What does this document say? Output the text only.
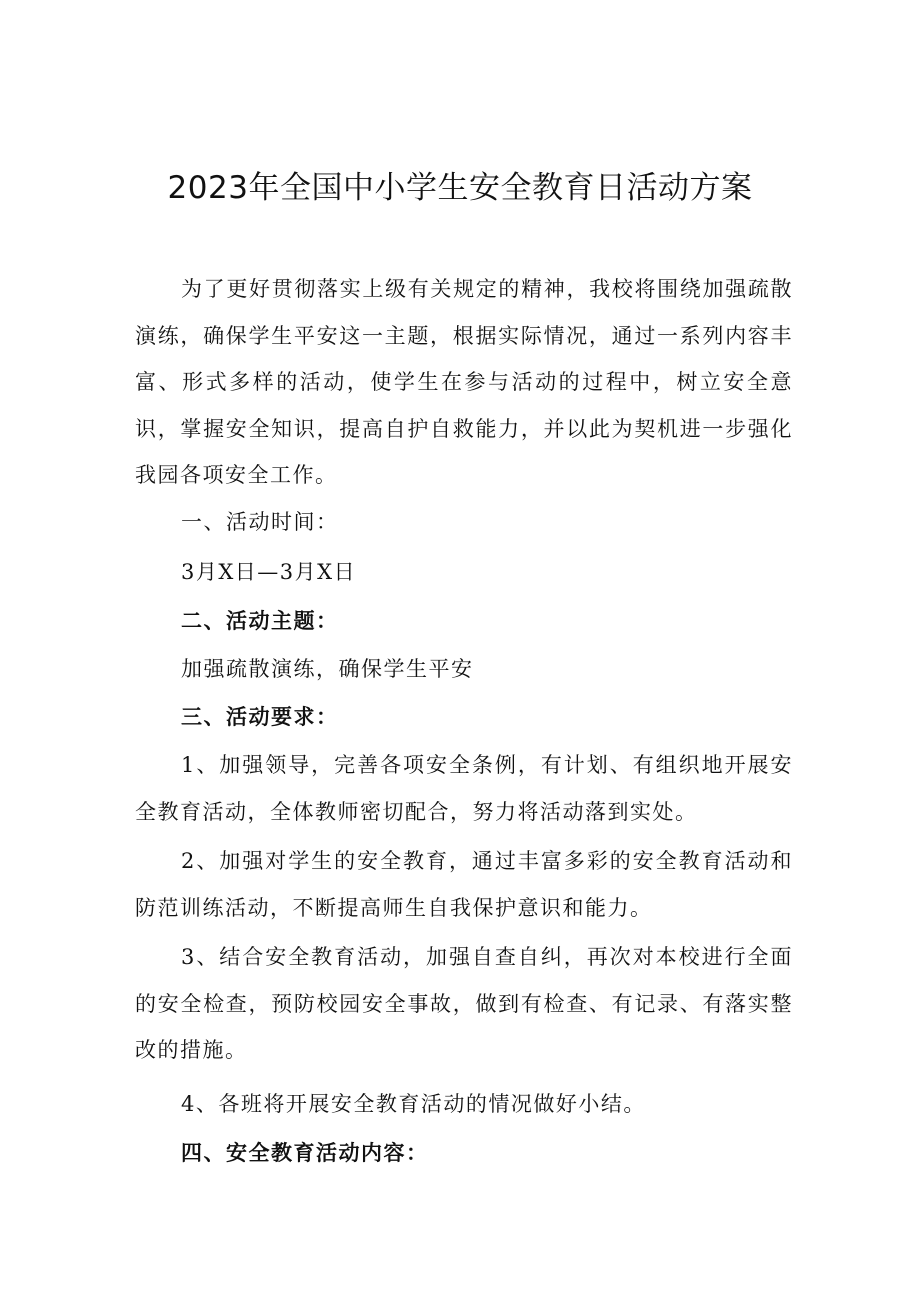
2023年全国中小学生安全教育日活动方案

为了更好贯彻落实上级有关规定的精神，我校将围绕加强疏散演练，确保学生平安这一主题，根据实际情况，通过一系列内容丰富、形式多样的活动，使学生在参与活动的过程中，树立安全意识，掌握安全知识，提高自护自救能力，并以此为契机进一步强化我园各项安全工作。

一、活动时间：

3月X日—3月X日

二、活动主题：

加强疏散演练，确保学生平安

三、活动要求：

1、加强领导，完善各项安全条例，有计划、有组织地开展安全教育活动，全体教师密切配合，努力将活动落到实处。

2、加强对学生的安全教育，通过丰富多彩的安全教育活动和防范训练活动，不断提高师生自我保护意识和能力。

3、结合安全教育活动，加强自查自纠，再次对本校进行全面的安全检查，预防校园安全事故，做到有检查、有记录、有落实整改的措施。

4、各班将开展安全教育活动的情况做好小结。

四、安全教育活动内容：
